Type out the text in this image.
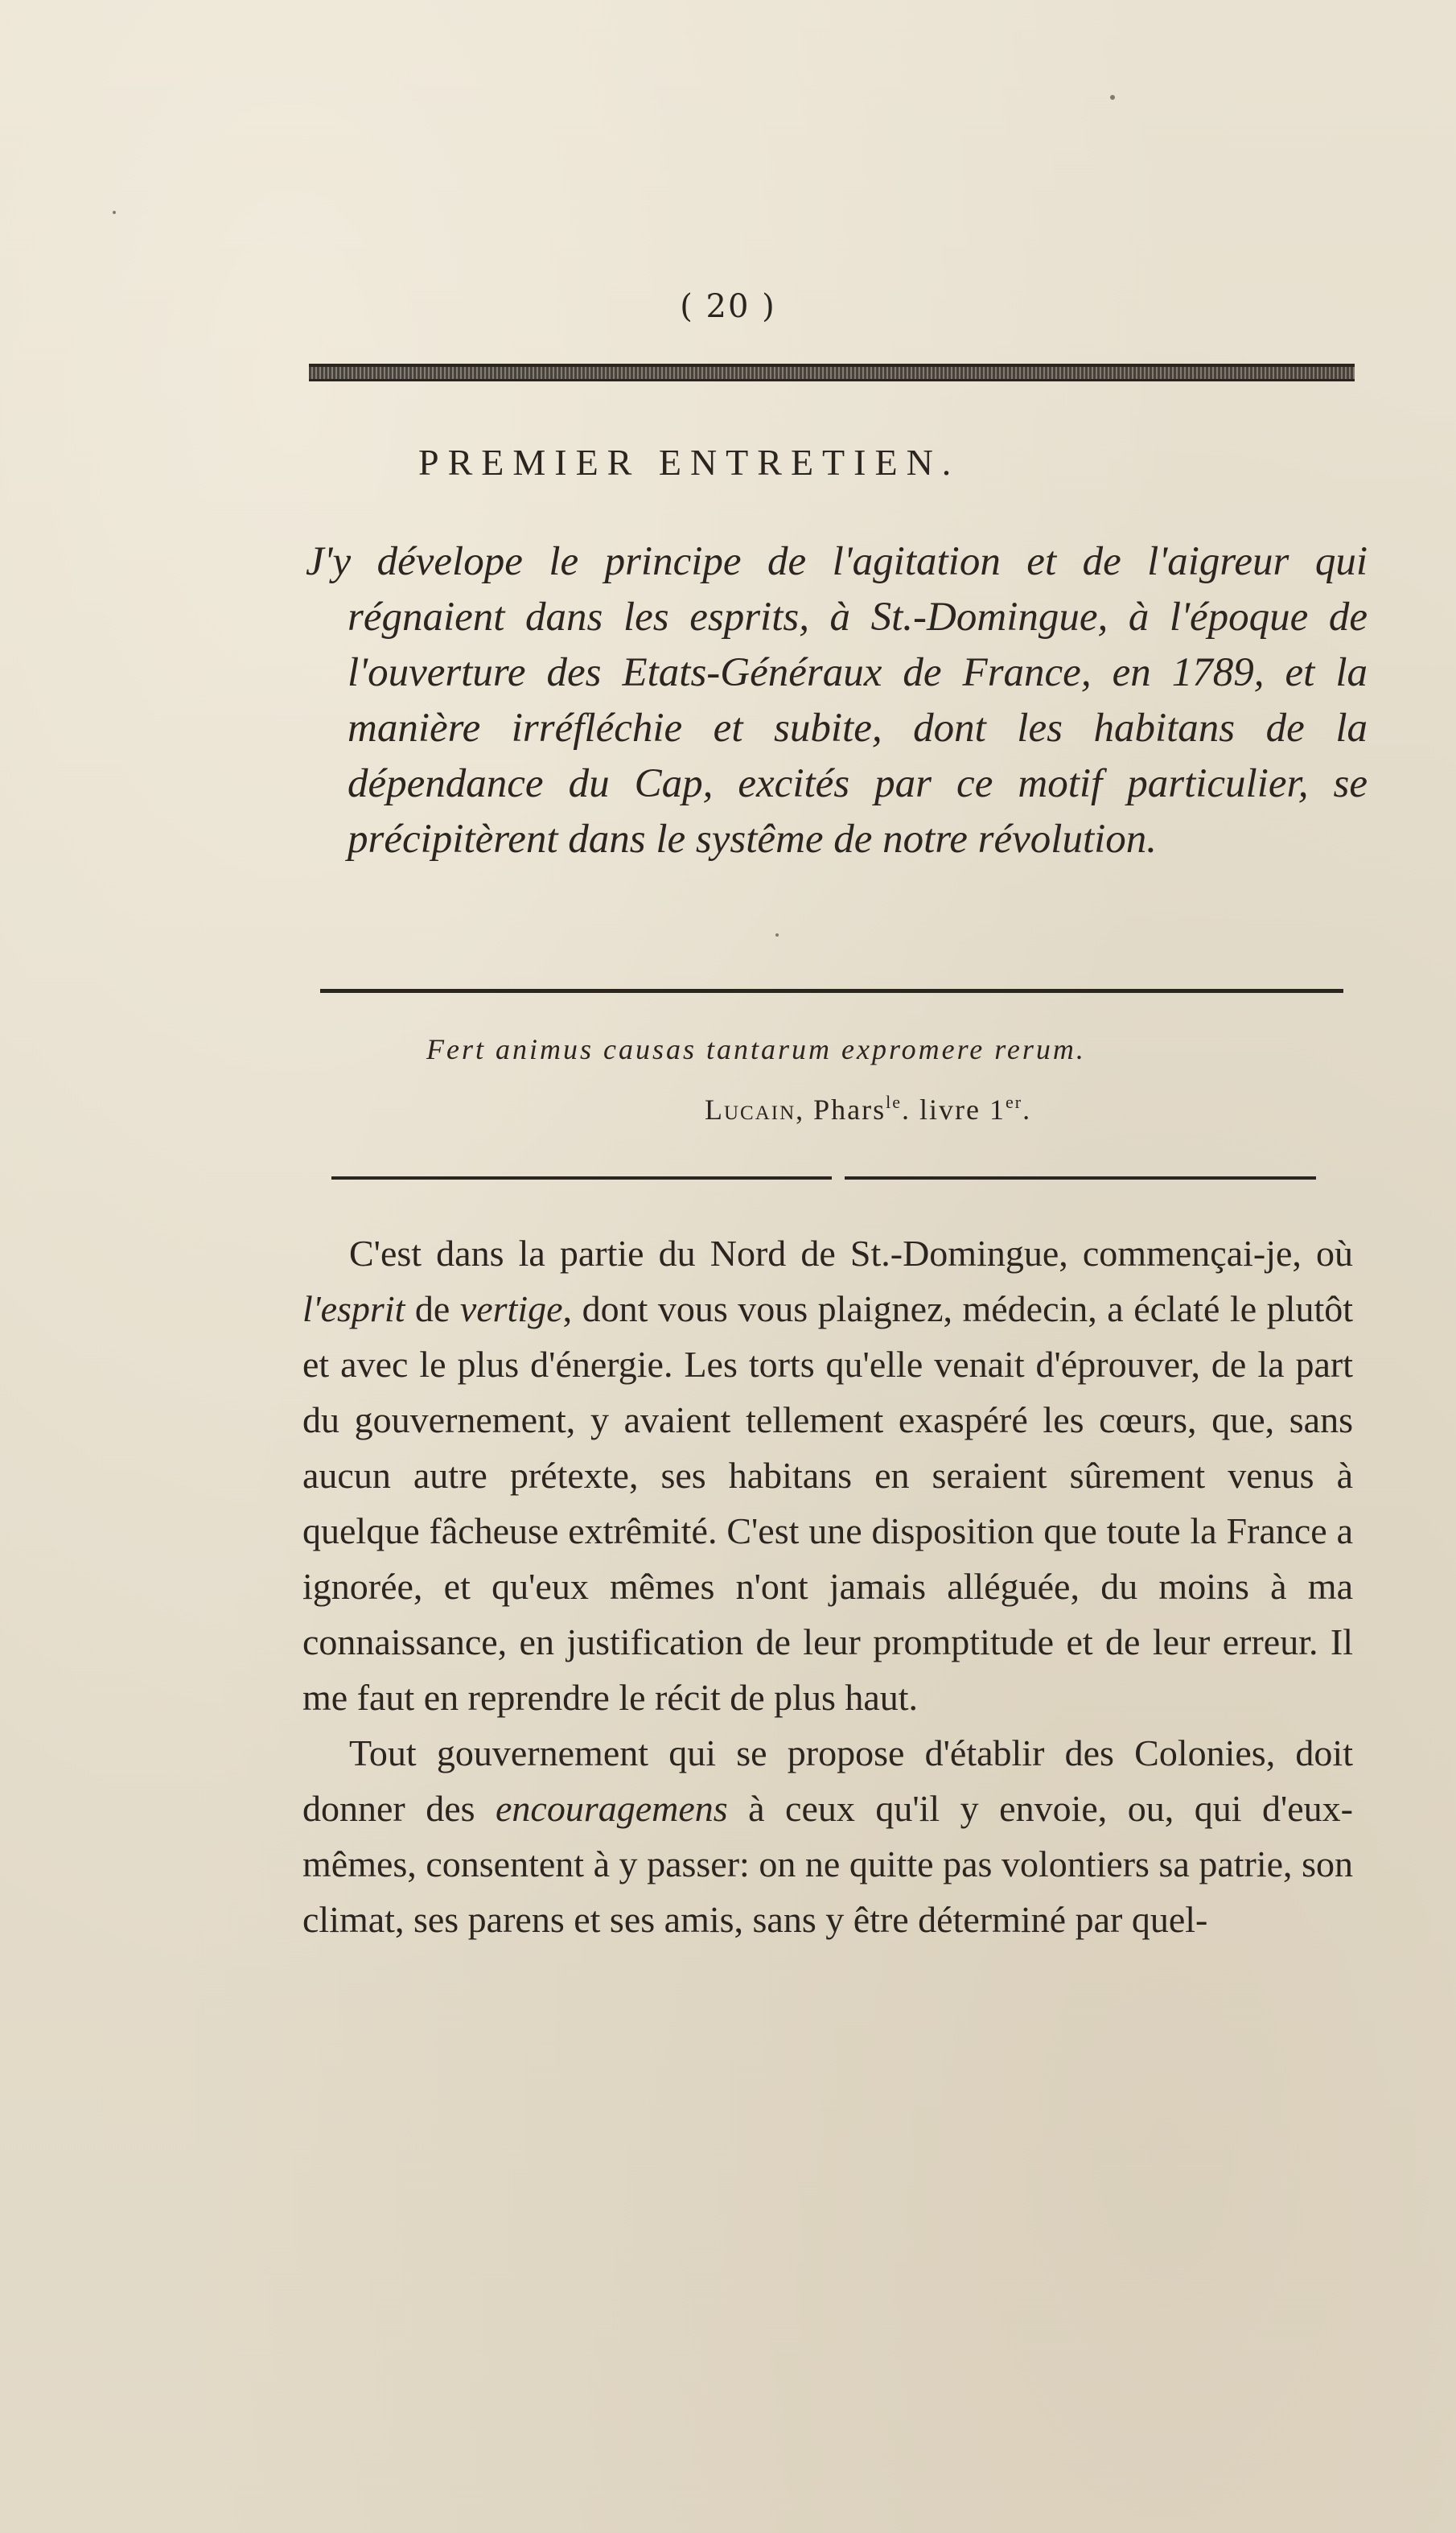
( 20 )
PREMIER ENTRETIEN.

J'y dévelope le principe de l'agitation et de l'aigreur qui régnaient dans les esprits, à St.-Domingue, à l'époque de l'ouverture des Etats-Généraux de France, en 1789, et la manière irréfléchie et subite, dont les habitans de la dépendance du Cap, excités par ce motif particulier, se précipitèrent dans le systême de notre révolution.

Fert animus causas tantarum expromere rerum.
Lucain, Phars$^{le}$. livre 1er.

C'est dans la partie du Nord de St.-Domingue, commençai-je, où l'esprit de vertige, dont vous vous plaignez, médecin, a éclaté le plutôt et avec le plus d'énergie. Les torts qu'elle venait d'éprouver, de la part du gouvernement, y avaient tellement exaspéré les cœurs, que, sans aucun autre prétexte, ses habitans en seraient sûrement venus à quelque fâcheuse extrêmité. C'est une disposition que toute la France a ignorée, et qu'eux mêmes n'ont jamais alléguée, du moins à ma connaissance, en justification de leur promptitude et de leur erreur. Il me faut en reprendre le récit de plus haut.

Tout gouvernement qui se propose d'établir des Colonies, doit donner des encouragemens à ceux qu'il y envoie, ou, qui d'eux-mêmes, consentent à y passer: on ne quitte pas volontiers sa patrie, son climat, ses parens et ses amis, sans y être déterminé par quel-
